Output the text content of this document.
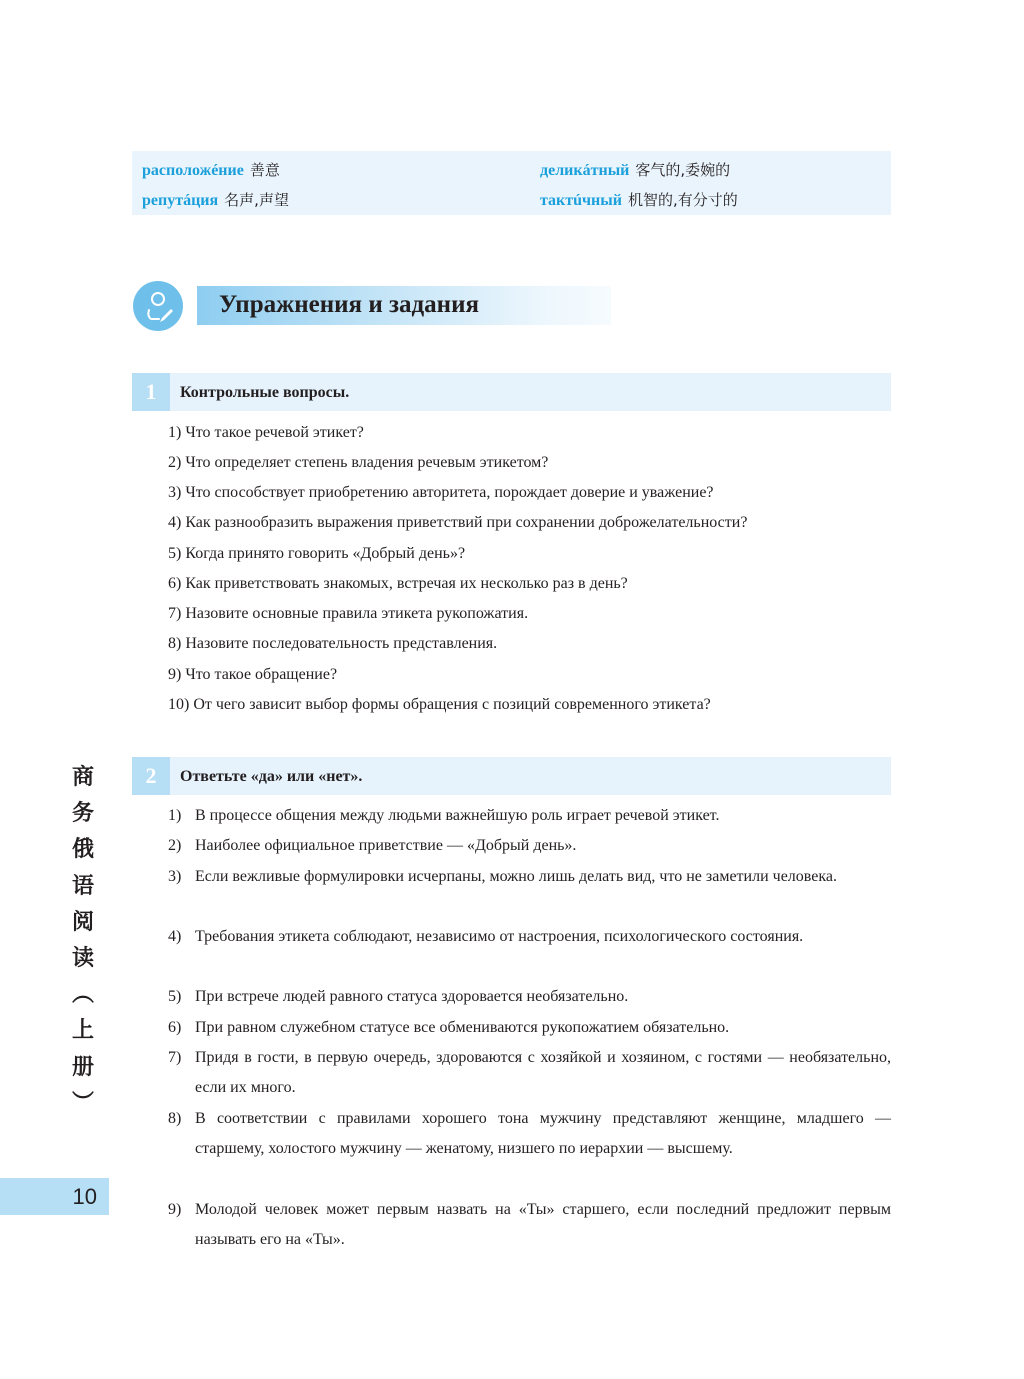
расположéние 善意
репутáция 名声,声望
деликáтный 客气的,委婉的
тактúчный 机智的,有分寸的
Упражнения и задания
1	Контрольные вопросы.
1) Что такое речевой этикет?
2) Что определяет степень владения речевым этикетом?
3) Что способствует приобретению авторитета, порождает доверие и уважение?
4) Как разнообразить выражения приветствий при сохранении доброжелательности?
5) Когда принято говорить «Добрый день»?
6) Как приветствовать знакомых, встречая их несколько раз в день?
7) Назовите основные правила этикета рукопожатия.
8) Назовите последовательность представления.
9) Что такое обращение?
10) От чего зависит выбор формы обращения с позиций современного этикета?
2	Ответьте «да» или «нет».
1) В процессе общения между людьми важнейшую роль играет речевой этикет.
2) Наиболее официальное приветствие — «Добрый день».
3) Если вежливые формулировки исчерпаны, можно лишь делать вид, что не заметили человека.
4) Требования этикета соблюдают, независимо от настроения, психологического состояния.
5) При встрече людей равного статуса здоровается необязательно.
6) При равном служебном статусе все обмениваются рукопожатием обязательно.
7) Придя в гости, в первую очередь, здороваются с хозяйкой и хозяином, с гостями — необязательно, если их много.
8) В соответствии с правилами хорошего тона мужчину представляют женщине, младшего — старшему, холостого мужчину — женатому, низшего по иерархии — высшему.
9) Молодой человек может первым назвать на «Ты» старшего, если последний предложит первым называть его на «Ты».
商
务
俄
语
阅
读
︵
上
册
︶
10
